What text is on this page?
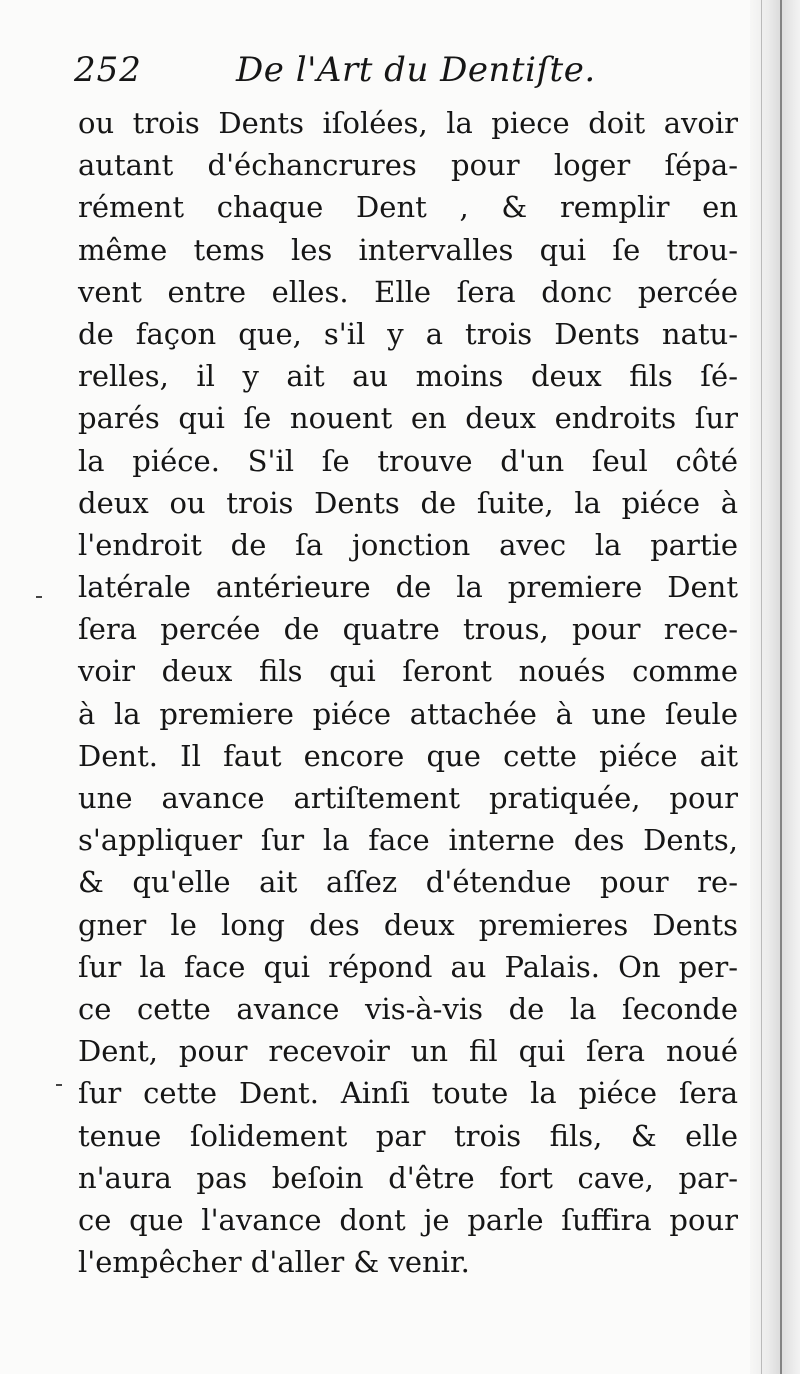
252	De l'Art du Dentiſte.
ou trois Dents iſolées, la piece doit avoir
autant d'échancrures pour loger ſépa-
rément chaque Dent , & remplir en
même tems les intervalles qui ſe trou-
vent entre elles. Elle ſera donc percée
de façon que, s'il y a trois Dents natu-
relles, il y ait au moins deux fils ſé-
parés qui ſe nouent en deux endroits ſur
la piéce. S'il ſe trouve d'un ſeul côté
deux ou trois Dents de ſuite, la piéce à
l'endroit de ſa jonction avec la partie
latérale antérieure de la premiere Dent
ſera percée de quatre trous, pour rece-
voir deux fils qui ſeront noués comme
à la premiere piéce attachée à une ſeule
Dent. Il faut encore que cette piéce ait
une avance artiſtement pratiquée, pour
s'appliquer ſur la face interne des Dents,
& qu'elle ait aſſez d'étendue pour re-
gner le long des deux premieres Dents
ſur la face qui répond au Palais. On per-
ce cette avance vis-à-vis de la ſeconde
Dent, pour recevoir un fil qui ſera noué
ſur cette Dent. Ainſi toute la piéce ſera
tenue ſolidement par trois fils, & elle
n'aura pas beſoin d'être fort cave, par-
ce que l'avance dont je parle ſuffira pour
l'empêcher d'aller & venir.
